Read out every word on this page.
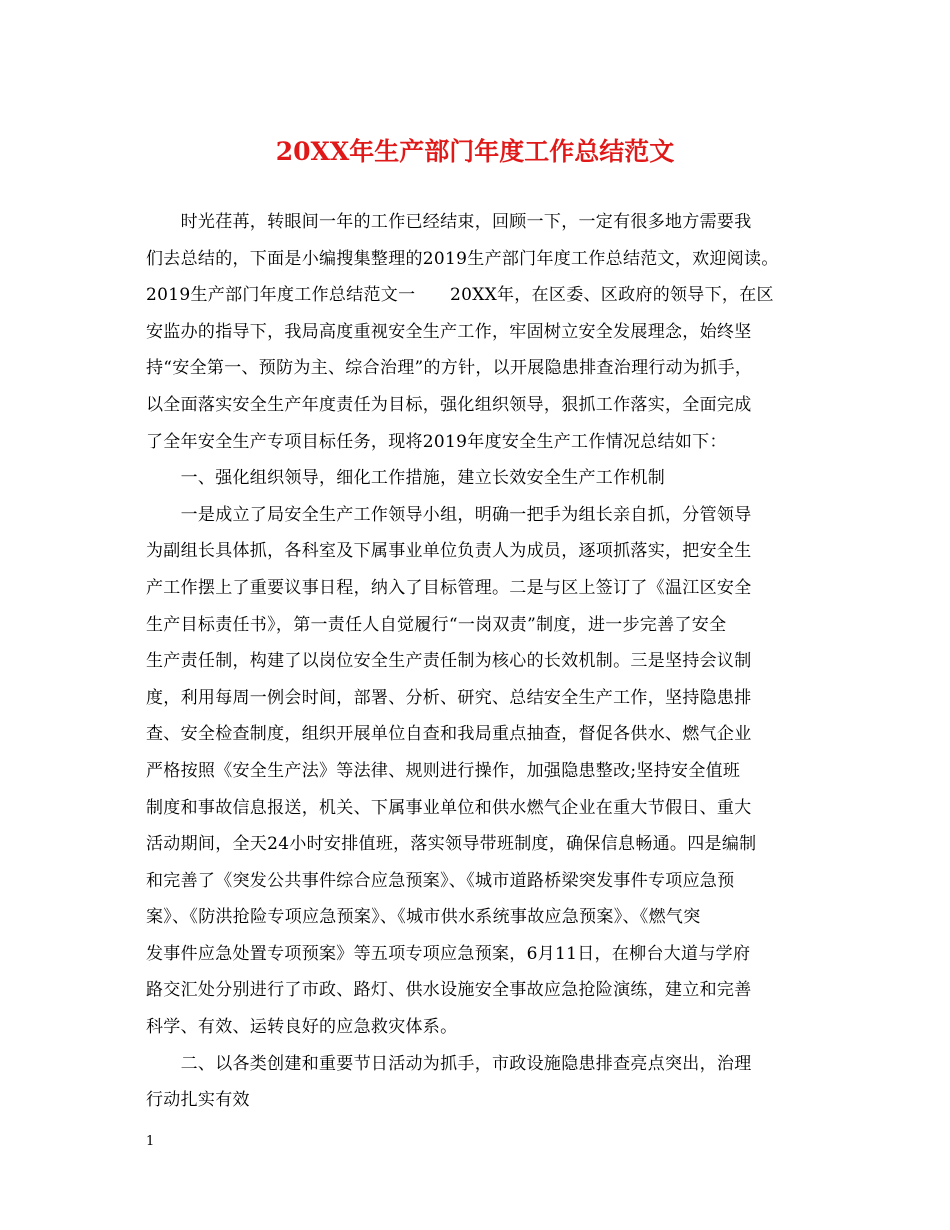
20XX年生产部门年度工作总结范文
　　时光荏苒，转眼间一年的工作已经结束，回顾一下，一定有很多地方需要我
们去总结的，下面是小编搜集整理的2019生产部门年度工作总结范文，欢迎阅读。
2019生产部门年度工作总结范文一　　20XX年，在区委、区政府的领导下，在区
安监办的指导下，我局高度重视安全生产工作，牢固树立安全发展理念，始终坚
持“安全第一、预防为主、综合治理”的方针，以开展隐患排查治理行动为抓手，
以全面落实安全生产年度责任为目标，强化组织领导，狠抓工作落实，全面完成
了全年安全生产专项目标任务，现将2019年度安全生产工作情况总结如下：
　　一、强化组织领导，细化工作措施，建立长效安全生产工作机制
　　一是成立了局安全生产工作领导小组，明确一把手为组长亲自抓，分管领导
为副组长具体抓，各科室及下属事业单位负责人为成员，逐项抓落实，把安全生
产工作摆上了重要议事日程，纳入了目标管理。二是与区上签订了《温江区安全
生产目标责任书》，第一责任人自觉履行“一岗双责”制度，进一步完善了安全
生产责任制，构建了以岗位安全生产责任制为核心的长效机制。三是坚持会议制
度，利用每周一例会时间，部署、分析、研究、总结安全生产工作，坚持隐患排
查、安全检查制度，组织开展单位自查和我局重点抽查，督促各供水、燃气企业
严格按照《安全生产法》等法律、规则进行操作，加强隐患整改;坚持安全值班
制度和事故信息报送，机关、下属事业单位和供水燃气企业在重大节假日、重大
活动期间，全天24小时安排值班，落实领导带班制度，确保信息畅通。四是编制
和完善了《突发公共事件综合应急预案》、《城市道路桥梁突发事件专项应急预
案》、《防洪抢险专项应急预案》、《城市供水系统事故应急预案》、《燃气突
发事件应急处置专项预案》等五项专项应急预案，6月11日，在柳台大道与学府
路交汇处分别进行了市政、路灯、供水设施安全事故应急抢险演练，建立和完善
科学、有效、运转良好的应急救灾体系。
　　二、以各类创建和重要节日活动为抓手，市政设施隐患排查亮点突出，治理
行动扎实有效
1
